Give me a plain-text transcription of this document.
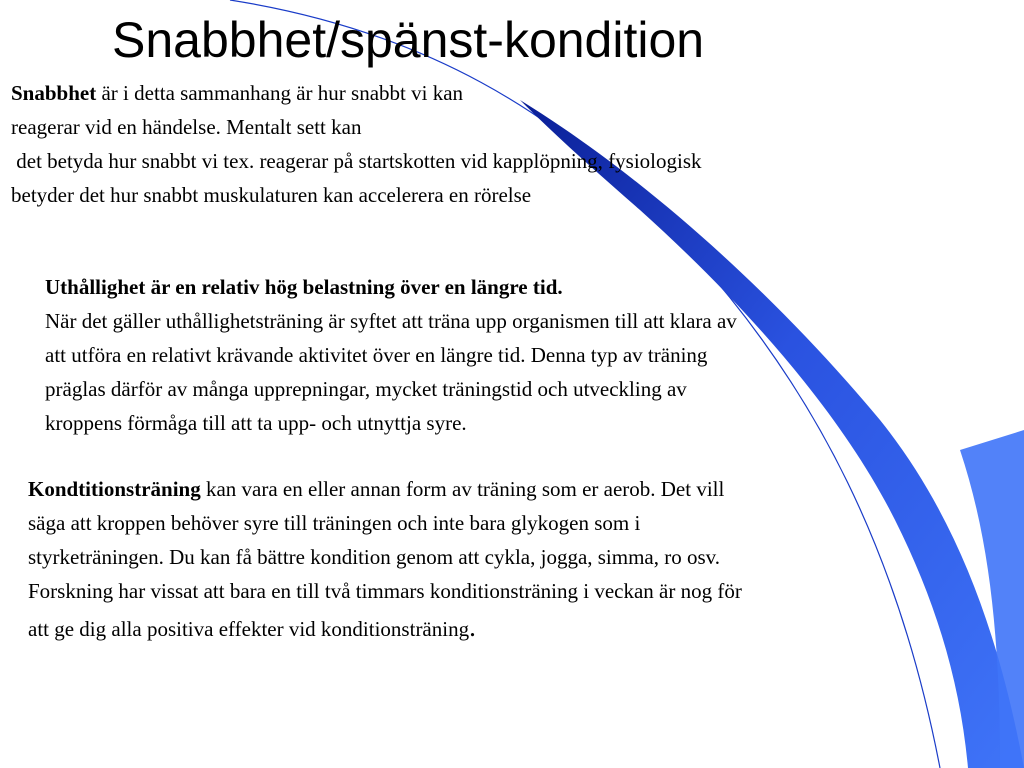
Snabbhet/spänst-kondition
Snabbhet är i detta sammanhang är hur snabbt vi kan
reagerar vid en händelse. Mentalt sett kan
det betyda hur snabbt vi tex. reagerar på startskotten vid kapplöpning, fysiologisk
betyder det hur snabbt muskulaturen kan accelerera en rörelse
Uthållighet är en relativ hög belastning över en längre tid.
När det gäller uthållighetsträning är syftet att träna upp organismen till att klara av
att utföra en relativt krävande aktivitet över en längre tid. Denna typ av träning
präglas därför av många upprepningar, mycket träningstid och utveckling av
kroppens förmåga till att ta upp- och utnyttja syre.
Kondtitionsträning kan vara en eller annan form av träning som er aerob. Det vill
säga att kroppen behöver syre till träningen och inte bara glykogen som i
styrketräningen. Du kan få bättre kondition genom att cykla, jogga, simma, ro osv.
Forskning har vissat att bara en till två timmars konditionsträning i veckan är nog för
att ge dig alla positiva effekter vid konditionsträning.
